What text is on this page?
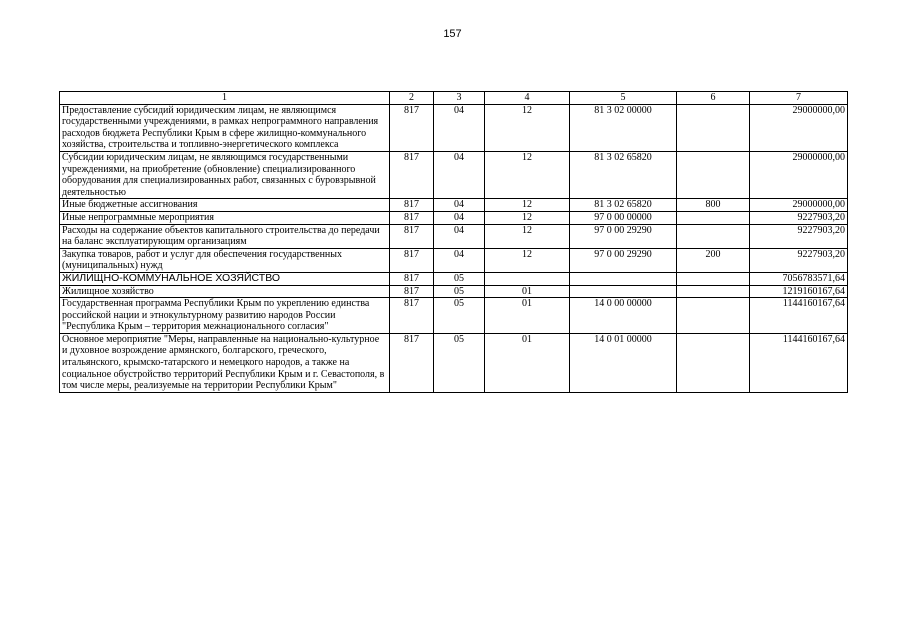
157
1	2	3	4	5	6	7
Предоставление субсидий юридическим лицам, не являющимся государственными учреждениями, в рамках непрограммного направления расходов бюджета Республики Крым в сфере жилищно-коммунального хозяйства, строительства и топливно-энергетического комплекса	817	04	12	81 3 02 00000		29000000,00
Субсидии юридическим лицам, не являющимся государственными учреждениями, на приобретение (обновление) специализированного оборудования для специализированных работ, связанных с буровзрывной деятельностью	817	04	12	81 3 02 65820		29000000,00
Иные бюджетные ассигнования	817	04	12	81 3 02 65820	800	29000000,00
Иные непрограммные мероприятия	817	04	12	97 0 00 00000		9227903,20
Расходы на содержание объектов капитального строительства до передачи на баланс эксплуатирующим организациям	817	04	12	97 0 00 29290		9227903,20
Закупка товаров, работ и услуг для обеспечения государственных (муниципальных) нужд	817	04	12	97 0 00 29290	200	9227903,20
ЖИЛИЩНО-КОММУНАЛЬНОЕ ХОЗЯЙСТВО	817	05				7056783571,64
Жилищное хозяйство	817	05	01			1219160167,64
Государственная программа Республики Крым по укреплению единства российской нации и этнокультурному развитию народов России "Республика Крым – территория межнационального согласия"	817	05	01	14 0 00 00000		1144160167,64
Основное мероприятие "Меры, направленные на национально-культурное и духовное возрождение армянского, болгарского, греческого, итальянского, крымско-татарского и немецкого народов, а также на социальное обустройство территорий Республики Крым и г. Севастополя, в том числе меры, реализуемые на территории Республики Крым"	817	05	01	14 0 01 00000		1144160167,64
